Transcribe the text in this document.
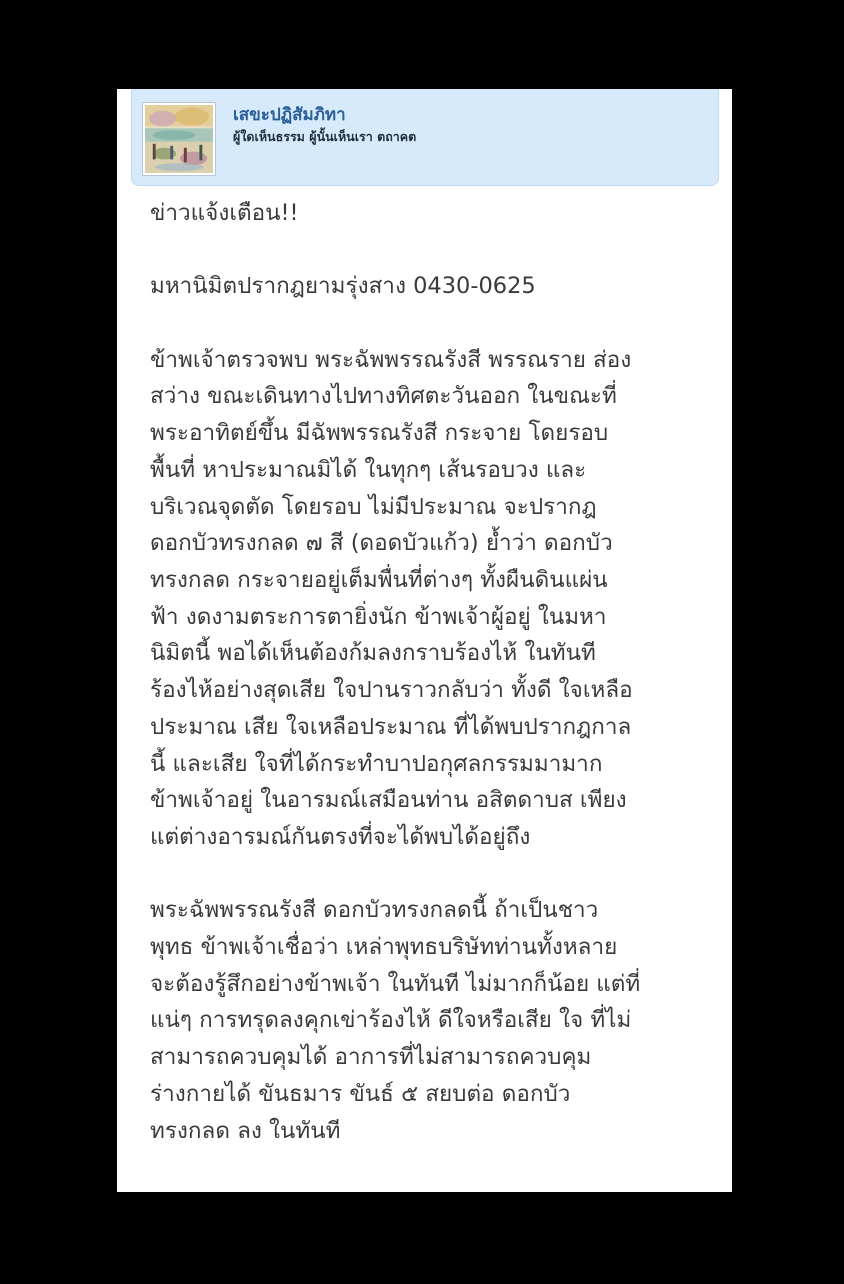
เสขะปฏิสัมภิทา
ผู้ใดเห็นธรรม ผู้นั้นเห็นเรา ตถาคต

ข่าวแจ้งเตือน!!

มหานิมิตปรากฎยามรุ่งสาง 0430-0625

ข้าพเจ้าตรวจพบ พระฉัพพรรณรังสี พรรณราย ส่อง
สว่าง ขณะเดินทางไปทางทิศตะวันออก ในขณะที่
พระอาทิตย์ขึ้น มีฉัพพรรณรังสี กระจาย โดยรอบ
พื้นที่ หาประมาณมิได้ ในทุกๆ เส้นรอบวง และ
บริเวณจุดตัด โดยรอบ ไม่มีประมาณ จะปรากฎ
ดอกบัวทรงกลด ๗ สี (ดอดบัวแก้ว) ย้ำว่า ดอกบัว
ทรงกลด กระจายอยู่เต็มพื่นที่ต่างๆ ทั้งผืนดินแผ่น
ฟ้า งดงามตระการตายิ่งนัก ข้าพเจ้าผู้อยู่ ในมหา
นิมิตนี้ พอได้เห็นต้องก้มลงกราบร้องไห้ ในทันที
ร้องไห้อย่างสุดเสีย ใจปานราวกลับว่า ทั้งดี ใจเหลือ
ประมาณ เสีย ใจเหลือประมาณ ที่ได้พบปรากฎกาล
นี้ และเสีย ใจที่ได้กระทำบาปอกุศลกรรมมามาก
ข้าพเจ้าอยู่ ในอารมณ์เสมือนท่าน อสิตดาบส เพียง
แต่ต่างอารมณ์กันตรงที่จะได้พบได้อยู่ถึง

พระฉัพพรรณรังสี ดอกบัวทรงกลดนี้ ถ้าเป็นชาว
พุทธ ข้าพเจ้าเชื่อว่า เหล่าพุทธบริษัทท่านทั้งหลาย
จะต้องรู้สึกอย่างข้าพเจ้า ในทันที ไม่มากก็น้อย แต่ที่
แน่ๆ การทรุดลงคุกเข่าร้องไห้ ดีใจหรือเสีย ใจ ที่ไม่
สามารถควบคุมได้ อาการที่ไม่สามารถควบคุม
ร่างกายได้ ขันธมาร ขันธ์ ๕ สยบต่อ ดอกบัว
ทรงกลด ลง ในทันที
